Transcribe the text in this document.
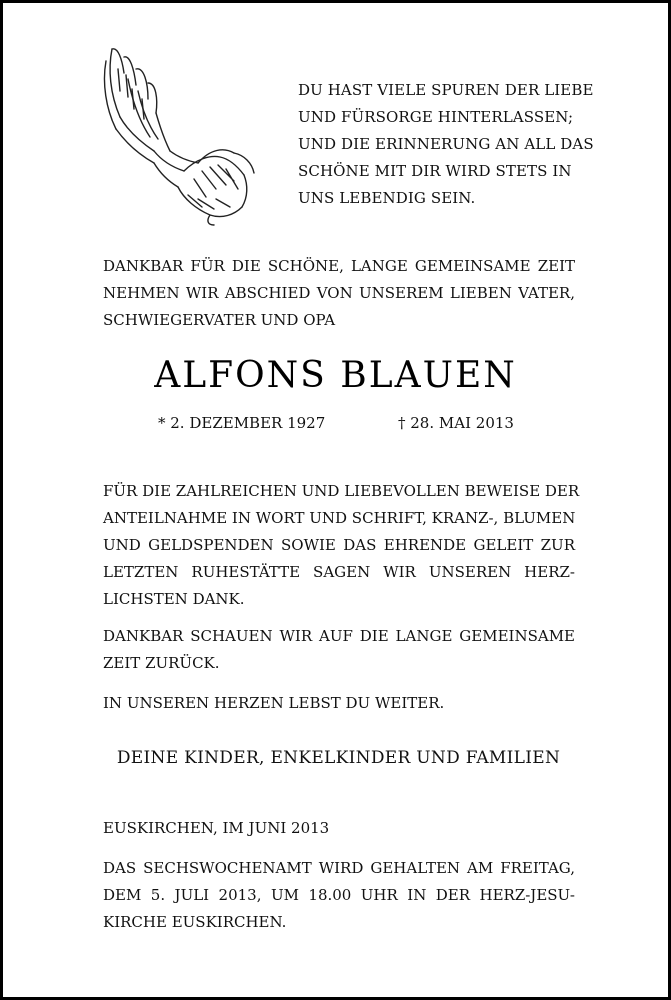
DU HAST VIELE SPUREN DER LIEBE
UND FÜRSORGE HINTERLASSEN;
UND DIE ERINNERUNG AN ALL DAS
SCHÖNE MIT DIR WIRD STETS IN
UNS LEBENDIG SEIN.
DANKBAR FÜR DIE SCHÖNE, LANGE GEMEINSAME ZEIT
NEHMEN WIR ABSCHIED VON UNSEREM LIEBEN VATER,
SCHWIEGERVATER UND OPA
ALFONS BLAUEN
* 2. DEZEMBER 1927	† 28. MAI 2013
FÜR DIE ZAHLREICHEN UND LIEBEVOLLEN BEWEISE DER
ANTEILNAHME IN WORT UND SCHRIFT, KRANZ-, BLUMEN
UND GELDSPENDEN SOWIE DAS EHRENDE GELEIT ZUR
LETZTEN RUHESTÄTTE SAGEN WIR UNSEREN HERZ-
LICHSTEN DANK.
DANKBAR SCHAUEN WIR AUF DIE LANGE GEMEINSAME
ZEIT ZURÜCK.
IN UNSEREN HERZEN LEBST DU WEITER.
DEINE KINDER, ENKELKINDER UND FAMILIEN
EUSKIRCHEN, IM JUNI 2013
DAS SECHSWOCHENAMT WIRD GEHALTEN AM FREITAG,
DEM 5. JULI 2013, UM 18.00 UHR IN DER HERZ-JESU-
KIRCHE EUSKIRCHEN.
